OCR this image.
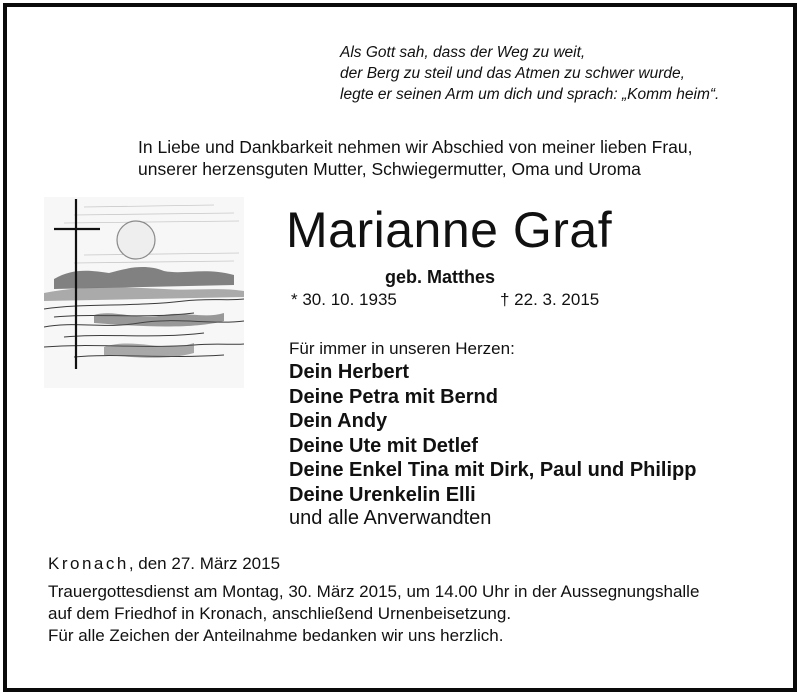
Als Gott sah, dass der Weg zu weit,
der Berg zu steil und das Atmen zu schwer wurde,
legte er seinen Arm um dich und sprach: „Komm heim“.
In Liebe und Dankbarkeit nehmen wir Abschied von meiner lieben Frau,
unserer herzensguten Mutter, Schwiegermutter, Oma und Uroma
Marianne Graf
geb. Matthes
* 30. 10. 1935	† 22. 3. 2015
Für immer in unseren Herzen:
Dein Herbert
Deine Petra mit Bernd
Dein Andy
Deine Ute mit Detlef
Deine Enkel Tina mit Dirk, Paul und Philipp
Deine Urenkelin Elli
und alle Anverwandten
Kronach, den 27. März 2015
Trauergottesdienst am Montag, 30. März 2015, um 14.00 Uhr in der Aussegnungshalle
auf dem Friedhof in Kronach, anschließend Urnenbeisetzung.
Für alle Zeichen der Anteilnahme bedanken wir uns herzlich.
